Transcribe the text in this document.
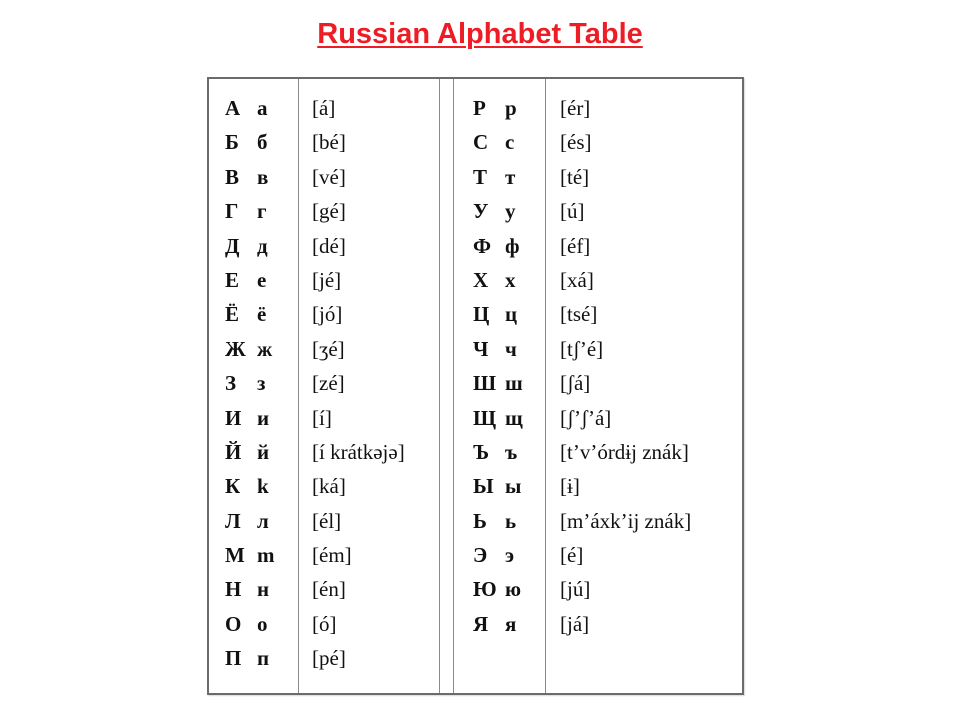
Russian Alphabet Table
А а
Б б
В в
Г г
Д д
Е е
Ё ё
Ж ж
З з
И и
Й й
К k
Л л
М m
Н н
О о
П п
[á]
[bé]
[vé]
[gé]
[dé]
[jé]
[jó]
[ʒé]
[zé]
[í]
[í krátkəjə]
[ká]
[él]
[ém]
[én]
[ó]
[pé]
Р р
С с
Т т
У у
Ф ф
Х х
Ц ц
Ч ч
Ш ш
Щ щ
Ъ ъ
Ы ы
Ь ь
Э э
Ю ю
Я я
[ér]
[és]
[té]
[ú]
[éf]
[xá]
[tsé]
[tʃ’é]
[ʃá]
[ʃ’ʃ’á]
[t’v’órdɨj znák]
[ɨ]
[m’áxk’ij znák]
[é]
[jú]
[já]
